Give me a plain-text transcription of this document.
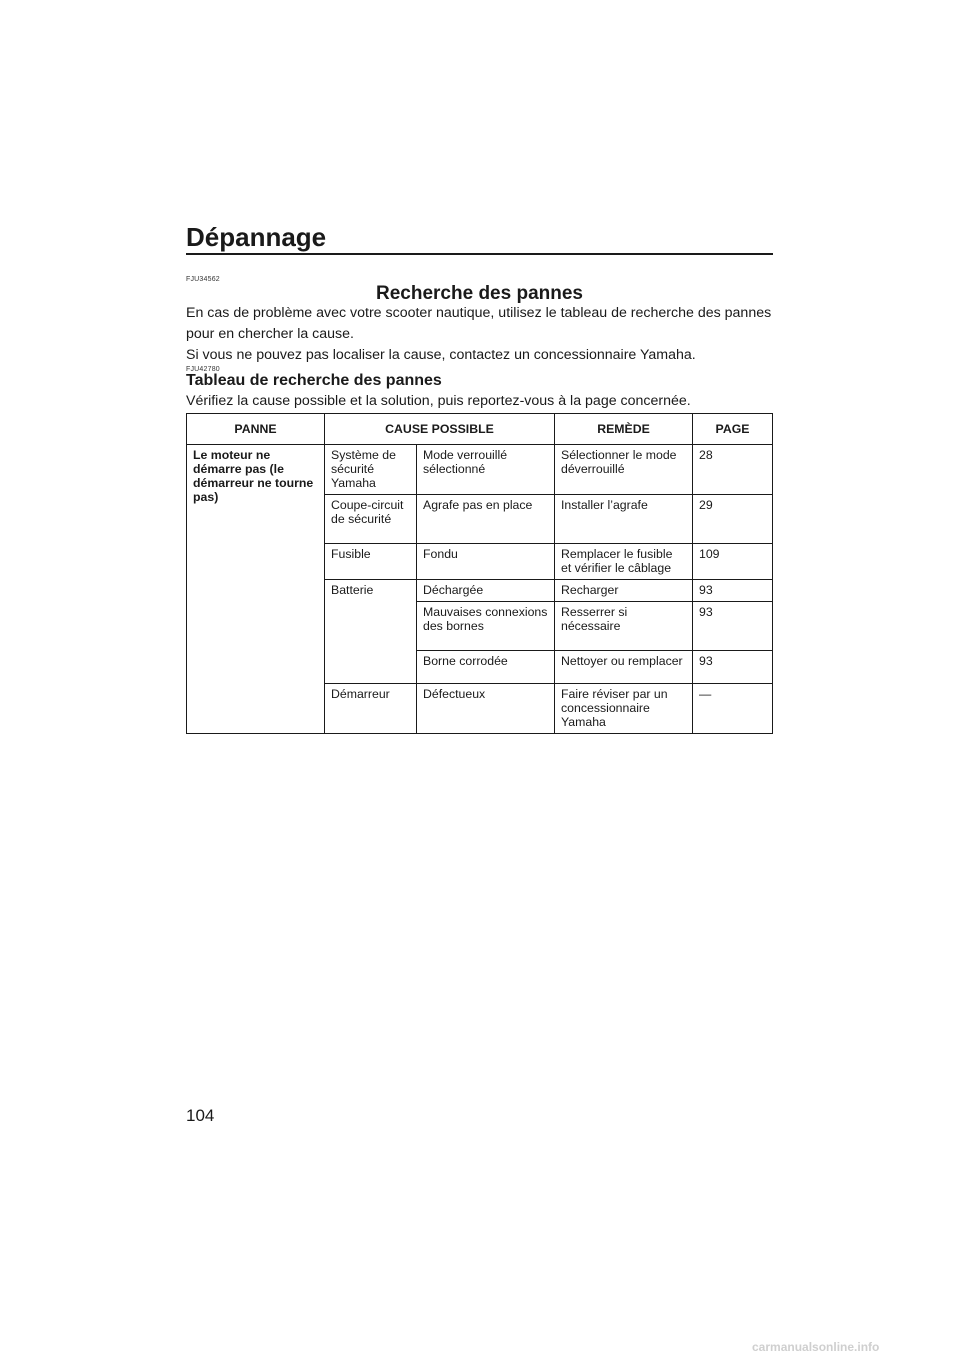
Dépannage
FJU34562
Recherche des pannes
En cas de problème avec votre scooter nautique, utilisez le tableau de recherche des pannes pour en chercher la cause.
Si vous ne pouvez pas localiser la cause, contactez un concessionnaire Yamaha.
FJU42780
Tableau de recherche des pannes
Vérifiez la cause possible et la solution, puis reportez-vous à la page concernée.
PANNE	CAUSE POSSIBLE		REMÈDE	PAGE
Le moteur ne démarre pas (le démarreur ne tourne pas)	Système de sécurité Yamaha	Mode verrouillé sélectionné	Sélectionner le mode déverrouillé	28
	Coupe-circuit de sécurité	Agrafe pas en place	Installer l’agrafe	29
	Fusible	Fondu	Remplacer le fusible et vérifier le câblage	109
	Batterie	Déchargée	Recharger	93
		Mauvaises connexions des bornes	Resserrer si nécessaire	93
		Borne corrodée	Nettoyer ou remplacer	93
	Démarreur	Défectueux	Faire réviser par un concessionnaire Yamaha	—
104
carmanualsonline.info
